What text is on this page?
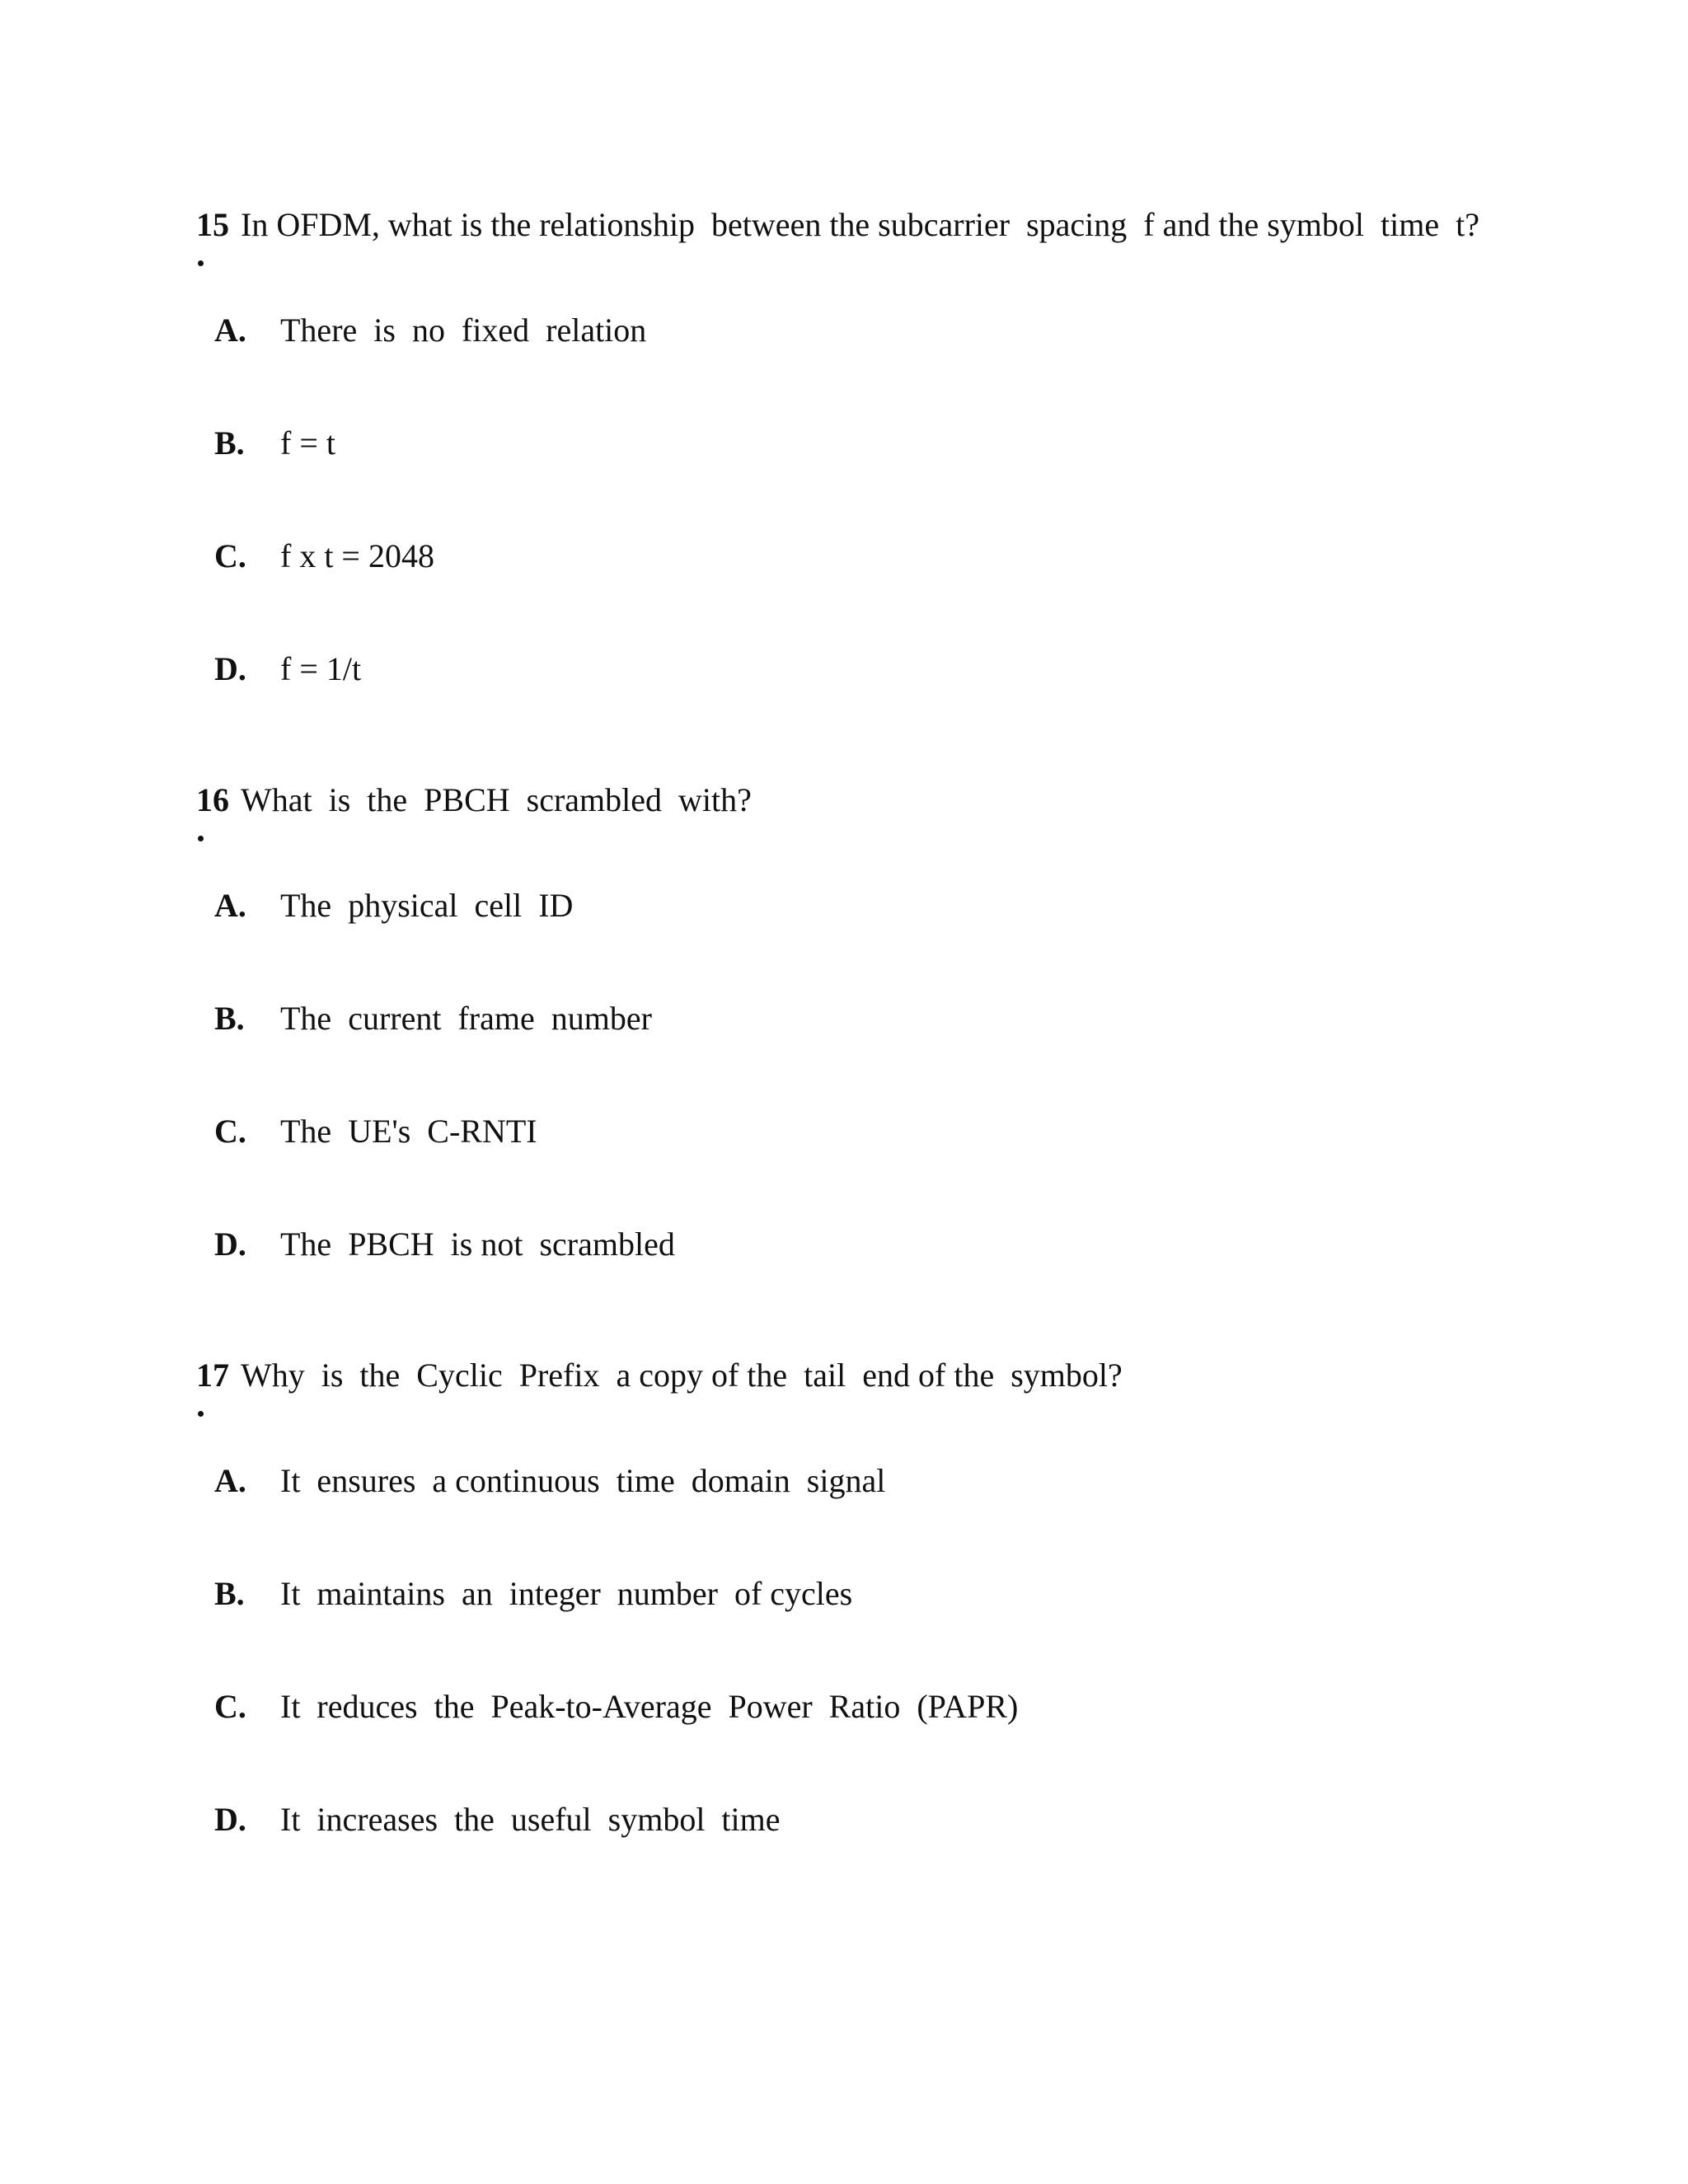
15 In OFDM, what is the relationship  between the subcarrier  spacing  f and the symbol  time  t?
A. There  is  no  fixed  relation
B. f = t
C. f x t = 2048
D. f = 1/t
16 What  is  the  PBCH  scrambled  with?
A. The  physical  cell  ID
B. The  current  frame  number
C. The  UE's  C-RNTI
D. The  PBCH  is not  scrambled
17 Why  is  the  Cyclic  Prefix  a copy of the  tail  end of the  symbol?
A. It  ensures  a continuous  time  domain  signal
B. It  maintains  an  integer  number  of cycles
C. It  reduces  the  Peak-to-Average  Power  Ratio  (PAPR)
D. It  increases  the  useful  symbol  time
